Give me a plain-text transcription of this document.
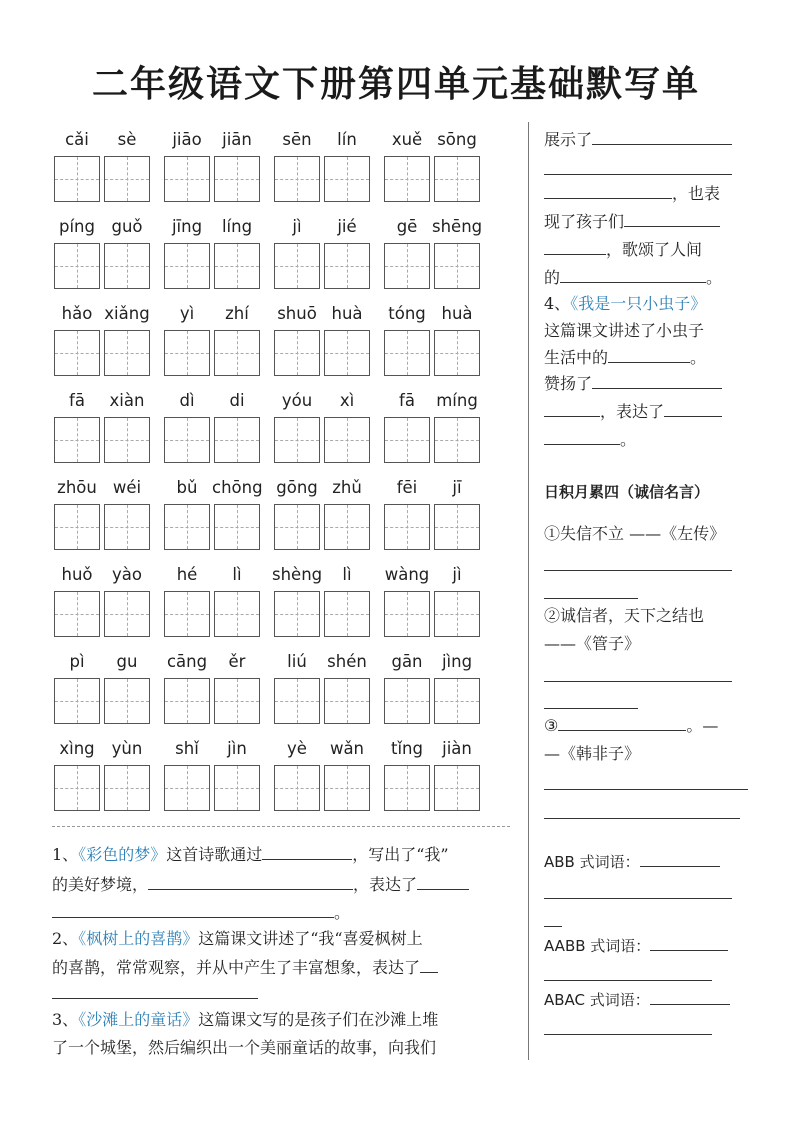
二年级语文下册第四单元基础默写单
cǎi	sè	jiāo	jiān	sēn	lín	xuě sōng
píng guǒ	jīng	líng	jì	jié	gē shēng
hǎo xiǎng	yì	zhí	shuō huà	tóng huà
fā	xiàn	dì	di	yóu	xì	fā	míng
zhōu wéi	bǔ chōng gōng zhǔ	fēi	jī
huǒ	yào	hé	lì	shèng	lì	wàng	jì
pì	gu	cāng	ěr	liú	shén	gān	jìng
xìng	yùn	shǐ	jìn	yè	wǎn	tǐng	jiàn
1、《彩色的梦》这首诗歌通过	，写出了“我”
的美好梦境，	，表达了
。
2、《枫树上的喜鹊》这篇课文讲述了“我“喜爱枫树上
的喜鹊，常常观察，并从中产生了丰富想象，表达了
3、《沙滩上的童话》这篇课文写的是孩子们在沙滩上堆
了一个城堡，然后编织出一个美丽童话的故事，向我们
展示了
，也表
现了孩子们
，歌颂了人间
的	。
4、《我是一只小虫子》
这篇课文讲述了小虫子
生活中的	。
赞扬了
，表达了
。
日积月累四（诚信名言）
①失信不立 ——《左传》
②诚信者，天下之结也
——《管子》
③	。—
—《韩非子》
ABB 式词语：
AABB 式词语：
ABAC 式词语：
